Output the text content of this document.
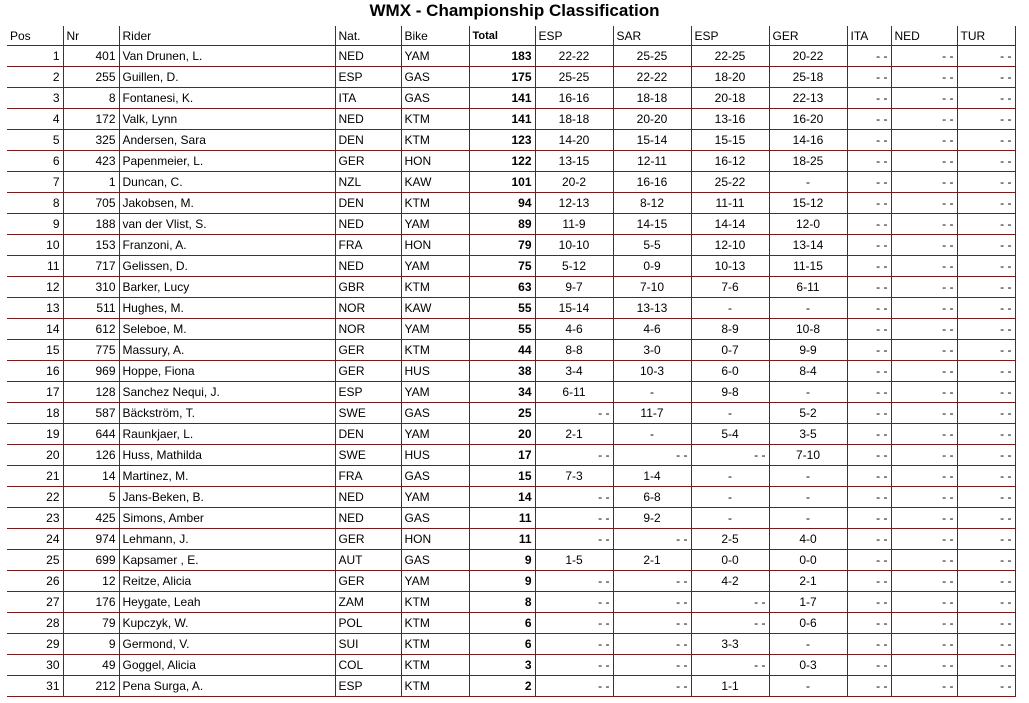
WMX - Championship Classification
Pos	Nr	Rider	Nat.	Bike	Total	ESP	SAR	ESP	GER	ITA	NED	TUR
1	401	Van Drunen, L.	NED	YAM	183	22-22	25-25	22-25	20-22	- -	- -	- -
2	255	Guillen, D.	ESP	GAS	175	25-25	22-22	18-20	25-18	- -	- -	- -
3	8	Fontanesi, K.	ITA	GAS	141	16-16	18-18	20-18	22-13	- -	- -	- -
4	172	Valk, Lynn	NED	KTM	141	18-18	20-20	13-16	16-20	- -	- -	- -
5	325	Andersen, Sara	DEN	KTM	123	14-20	15-14	15-15	14-16	- -	- -	- -
6	423	Papenmeier, L.	GER	HON	122	13-15	12-11	16-12	18-25	- -	- -	- -
7	1	Duncan, C.	NZL	KAW	101	20-2	16-16	25-22	-	- -	- -	- -
8	705	Jakobsen, M.	DEN	KTM	94	12-13	8-12	11-11	15-12	- -	- -	- -
9	188	van der Vlist, S.	NED	YAM	89	11-9	14-15	14-14	12-0	- -	- -	- -
10	153	Franzoni, A.	FRA	HON	79	10-10	5-5	12-10	13-14	- -	- -	- -
11	717	Gelissen, D.	NED	YAM	75	5-12	0-9	10-13	11-15	- -	- -	- -
12	310	Barker, Lucy	GBR	KTM	63	9-7	7-10	7-6	6-11	- -	- -	- -
13	511	Hughes, M.	NOR	KAW	55	15-14	13-13	-	-	- -	- -	- -
14	612	Seleboe, M.	NOR	YAM	55	4-6	4-6	8-9	10-8	- -	- -	- -
15	775	Massury, A.	GER	KTM	44	8-8	3-0	0-7	9-9	- -	- -	- -
16	969	Hoppe, Fiona	GER	HUS	38	3-4	10-3	6-0	8-4	- -	- -	- -
17	128	Sanchez Nequi, J.	ESP	YAM	34	6-11	-	9-8	-	- -	- -	- -
18	587	Bäckström, T.	SWE	GAS	25	- -	11-7	-	5-2	- -	- -	- -
19	644	Raunkjaer, L.	DEN	YAM	20	2-1	-	5-4	3-5	- -	- -	- -
20	126	Huss, Mathilda	SWE	HUS	17	- -	- -	- -	7-10	- -	- -	- -
21	14	Martinez, M.	FRA	GAS	15	7-3	1-4	-	-	- -	- -	- -
22	5	Jans-Beken, B.	NED	YAM	14	- -	6-8	-	-	- -	- -	- -
23	425	Simons, Amber	NED	GAS	11	- -	9-2	-	-	- -	- -	- -
24	974	Lehmann, J.	GER	HON	11	- -	- -	2-5	4-0	- -	- -	- -
25	699	Kapsamer , E.	AUT	GAS	9	1-5	2-1	0-0	0-0	- -	- -	- -
26	12	Reitze, Alicia	GER	YAM	9	- -	- -	4-2	2-1	- -	- -	- -
27	176	Heygate, Leah	ZAM	KTM	8	- -	- -	- -	1-7	- -	- -	- -
28	79	Kupczyk, W.	POL	KTM	6	- -	- -	- -	0-6	- -	- -	- -
29	9	Germond, V.	SUI	KTM	6	- -	- -	3-3	-	- -	- -	- -
30	49	Goggel, Alicia	COL	KTM	3	- -	- -	- -	0-3	- -	- -	- -
31	212	Pena Surga, A.	ESP	KTM	2	- -	- -	1-1	-	- -	- -	- -
